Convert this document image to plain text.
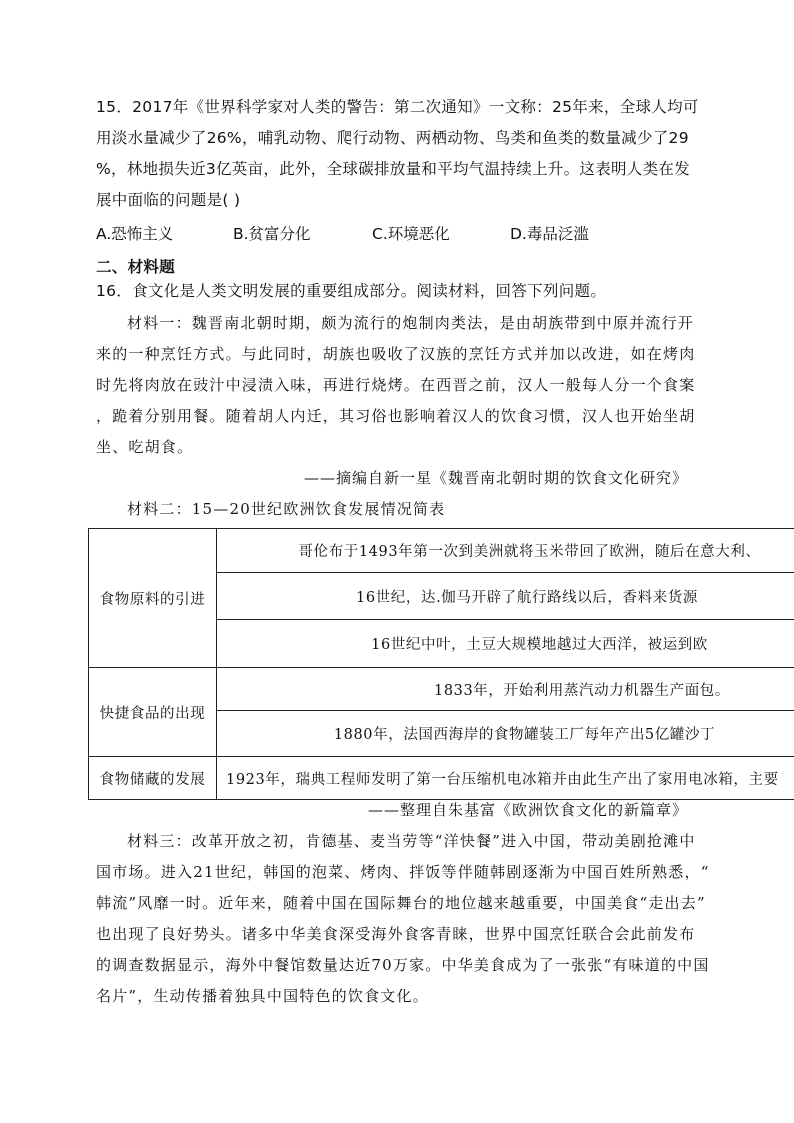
15．2017年《世界科学家对人类的警告：第二次通知》一文称：25年来，全球人均可
用淡水量减少了26%，哺乳动物、爬行动物、两栖动物、鸟类和鱼类的数量减少了29
%，林地损失近3亿英亩，此外，全球碳排放量和平均气温持续上升。这表明人类在发
展中面临的问题是( )
A.恐怖主义	B.贫富分化	C.环境恶化	D.毒品泛滥
二、材料题
16．食文化是人类文明发展的重要组成部分。阅读材料，回答下列问题。
材料一：魏晋南北朝时期，颇为流行的炮制肉类法，是由胡族带到中原并流行开
来的一种烹饪方式。与此同时，胡族也吸收了汉族的烹饪方式并加以改进，如在烤肉
时先将肉放在豉汁中浸渍入味，再进行烧烤。在西晋之前，汉人一般每人分一个食案
，跪着分别用餐。随着胡人内迁，其习俗也影响着汉人的饮食习惯，汉人也开始坐胡
坐、吃胡食。
——摘编自新一星《魏晋南北朝时期的饮食文化研究》
材料二：15—20世纪欧洲饮食发展情况简表
食物原料的引进	哥伦布于1493年第一次到美洲就将玉米带回了欧洲，随后在意大利、
	16世纪，达.伽马开辟了航行路线以后，香料来货源
	16世纪中叶，土豆大规模地越过大西洋，被运到欧
快捷食品的出现	1833年，开始利用蒸汽动力机器生产面包。
	1880年，法国西海岸的食物罐装工厂每年产出5亿罐沙丁
食物储藏的发展	1923年，瑞典工程师发明了第一台压缩机电冰箱并由此生产出了家用电冰箱，主要
——整理自朱基富《欧洲饮食文化的新篇章》
材料三：改革开放之初，肯德基、麦当劳等“洋快餐”进入中国，带动美剧抢滩中
国市场。进入21世纪，韩国的泡菜、烤肉、拌饭等伴随韩剧逐渐为中国百姓所熟悉，“
韩流”风靡一时。近年来，随着中国在国际舞台的地位越来越重要，中国美食“走出去”
也出现了良好势头。诸多中华美食深受海外食客青睐，世界中国烹饪联合会此前发布
的调查数据显示，海外中餐馆数量达近70万家。中华美食成为了一张张“有味道的中国
名片”，生动传播着独具中国特色的饮食文化。
